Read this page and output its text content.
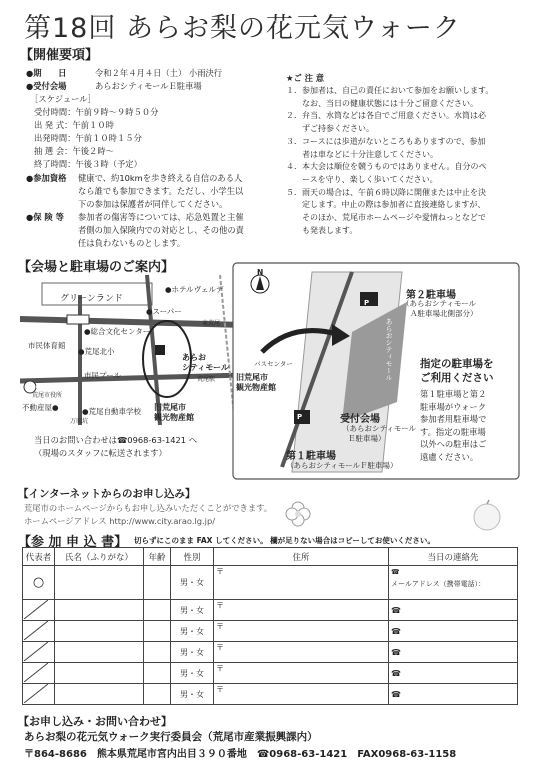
第18回 あらお梨の花元気ウォーク
【開催要項】
●期　　日	令和２年４月４日（土） 小雨決行
●受付会場	あらおシティモールＥ駐車場
［スケジュール］
受付時間：午前９時〜９時５０分
出 発 式：午前１０時
出発時間：午前１０時１５分
抽 選 会：午後２時〜
終了時間：午後３時（予定）
●参加資格 健康で、約10kmを歩き終える自信のある人
なら誰でも参加できます。ただし、小学生以
下の参加は保護者が同伴してください。
●保 険 等 参加者の傷害等については、応急処置と主催
者側の加入保険内での対応とし、その他の責
任は負わないものとします。
★ご 注 意
１．参加者は、自己の責任において参加をお願いします。
　　なお、当日の健康状態には十分ご留意ください。
２．弁当、水筒などは各自でご用意ください。水筒は必
　　ずご持参ください。
３．コースには歩道がないところもありますので、参加
　　者は車などに十分注意してください。
４．本大会は順位を競うものではありません。自分のペ
　　ースを守り、楽しく歩いてください。
５．雨天の場合は、午前６時以降に開催または中止を決
　　定します。中止の際は参加者に直接連絡しますが、
　　そのほか、荒尾市ホームページや愛情ねっとなどで
　　も発表します。
【会場と駐車場のご案内】
グリーンランド
●ホテルヴェルデ
●スーパー
314
●総合文化センター
市民体育館
●荒尾北小
市民プール
あらお
シティモール
旧荒尾市
観光物産館
126
不動産屋●	●荒尾自動車学校
荒尾市役所
荒尾駅
東荒尾
万田坑
当日のお問い合わせは☎0968-63-1421 へ
（現場のスタッフに転送されます）
N
P
P
第２駐車場
（あらおシティモール
Ａ駐車場北側部分）
バスセンター
旧荒尾市
観光物産館
受付会場
（あらおシティモール
Ｅ駐車場）
第１駐車場
（あらおシティモールＦ駐車場）
あらおシティモール	指定の駐車場を
ご利用ください
第１駐車場と第２
駐車場がウォーク
参加者用駐車場で
す。指定の駐車場
以外への駐車はご
遠慮ください。
【インターネットからのお申し込み】
荒尾市のホームページからもお申し込みいただくことができます。
ホームページアドレス http://www.city.arao.lg.jp/
【参 加 申 込 書】 切らずにこのまま FAX してください。 欄が足りない場合はコピーしてお使いください。
代表者	氏名（ふりがな）	年齢	性別	住所	当日の連絡先
○			男・女	〒	☎
メールアドレス（携帯電話）：

			男・女	〒	☎

			男・女	〒	☎

			男・女	〒	☎

			男・女	〒	☎

			男・女	〒	☎
【お申し込み・お問い合わせ】
あらお梨の花元気ウォーク実行委員会（荒尾市産業振興課内）
〒864-8686　熊本県荒尾市宮内出目３９０番地　☎0968-63-1421　FAX0968-63-1158
